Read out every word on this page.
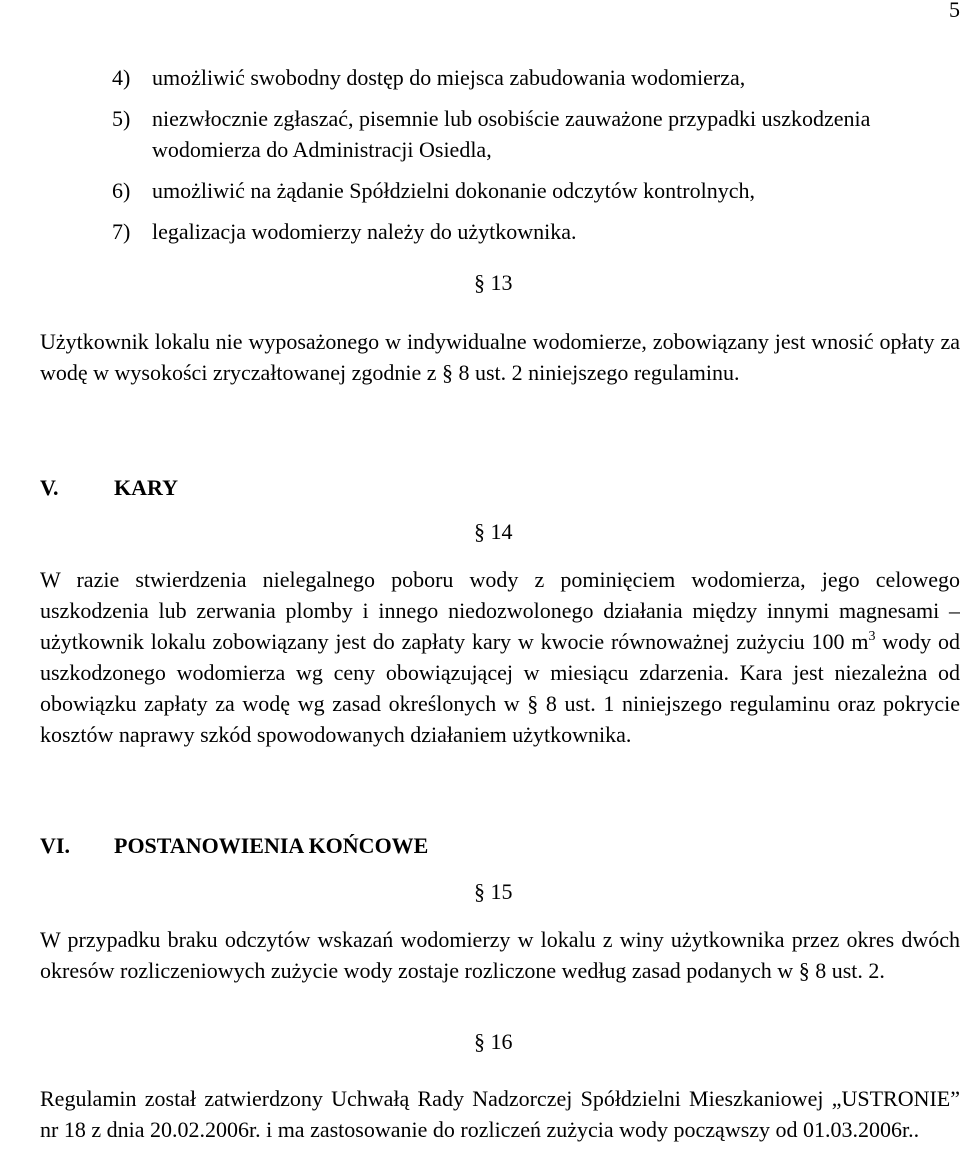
5
4) umożliwić swobodny dostęp do miejsca zabudowania wodomierza,
5) niezwłocznie zgłaszać, pisemnie lub osobiście zauważone przypadki uszkodzenia wodomierza do Administracji Osiedla,
6) umożliwić na żądanie Spółdzielni dokonanie odczytów kontrolnych,
7) legalizacja wodomierzy należy do użytkownika.
§ 13

Użytkownik lokalu nie wyposażonego w indywidualne wodomierze, zobowiązany jest wnosić opłaty za wodę w wysokości zryczałtowanej zgodnie z § 8 ust. 2 niniejszego regulaminu.

V.	KARY
§ 14

W razie stwierdzenia nielegalnego poboru wody z pominięciem wodomierza, jego celowego uszkodzenia lub zerwania plomby i innego niedozwolonego działania między innymi magnesami – użytkownik lokalu zobowiązany jest do zapłaty kary w kwocie równoważnej zużyciu 100 $m^3$ wody od uszkodzonego wodomierza wg ceny obowiązującej w miesiącu zdarzenia. Kara jest niezależna od obowiązku zapłaty za wodę wg zasad określonych w § 8 ust. 1 niniejszego regulaminu oraz pokrycie kosztów naprawy szkód spowodowanych działaniem użytkownika.

VI. POSTANOWIENIA KOŃCOWE
§ 15

W przypadku braku odczytów wskazań wodomierzy w lokalu z winy użytkownika przez okres dwóch okresów rozliczeniowych zużycie wody zostaje rozliczone według zasad podanych w § 8 ust. 2.

§ 16

Regulamin został zatwierdzony Uchwałą Rady Nadzorczej Spółdzielni Mieszkaniowej „USTRONIE” nr 18 z dnia 20.02.2006r. i ma zastosowanie do rozliczeń zużycia wody począwszy od 01.03.2006r..
